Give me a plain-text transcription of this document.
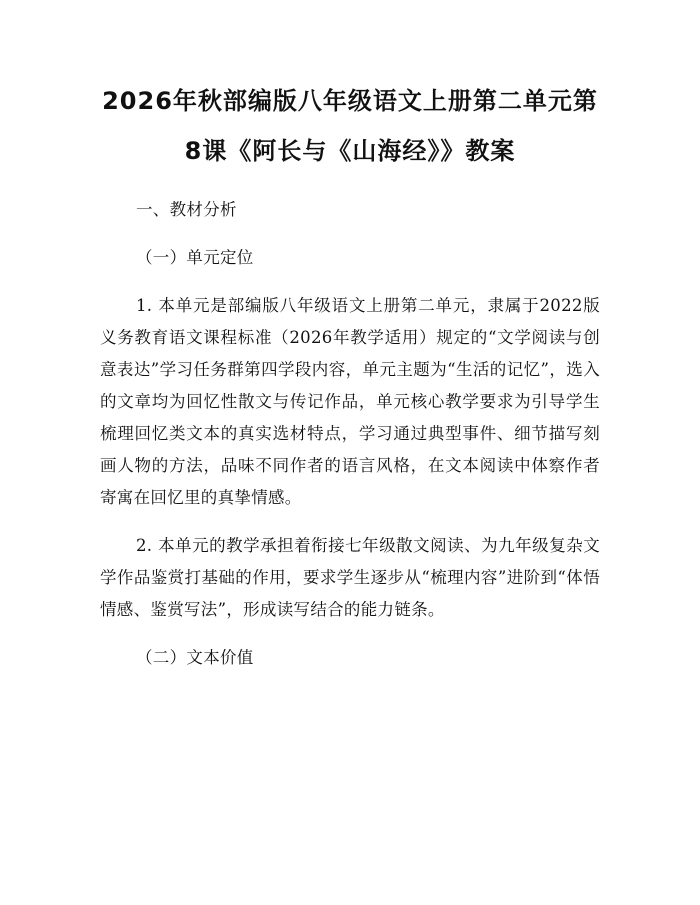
2026年秋部编版八年级语文上册第二单元第
8课《阿长与《山海经》》教案

一、教材分析

（一）单元定位

1. 本单元是部编版八年级语文上册第二单元，隶属于2022版义务教育语文课程标准（2026年教学适用）规定的“文学阅读与创意表达”学习任务群第四学段内容，单元主题为“生活的记忆”，选入的文章均为回忆性散文与传记作品，单元核心教学要求为引导学生梳理回忆类文本的真实选材特点，学习通过典型事件、细节描写刻画人物的方法，品味不同作者的语言风格，在文本阅读中体察作者寄寓在回忆里的真挚情感。

2. 本单元的教学承担着衔接七年级散文阅读、为九年级复杂文学作品鉴赏打基础的作用，要求学生逐步从“梳理内容”进阶到“体悟情感、鉴赏写法”，形成读写结合的能力链条。

（二）文本价值
